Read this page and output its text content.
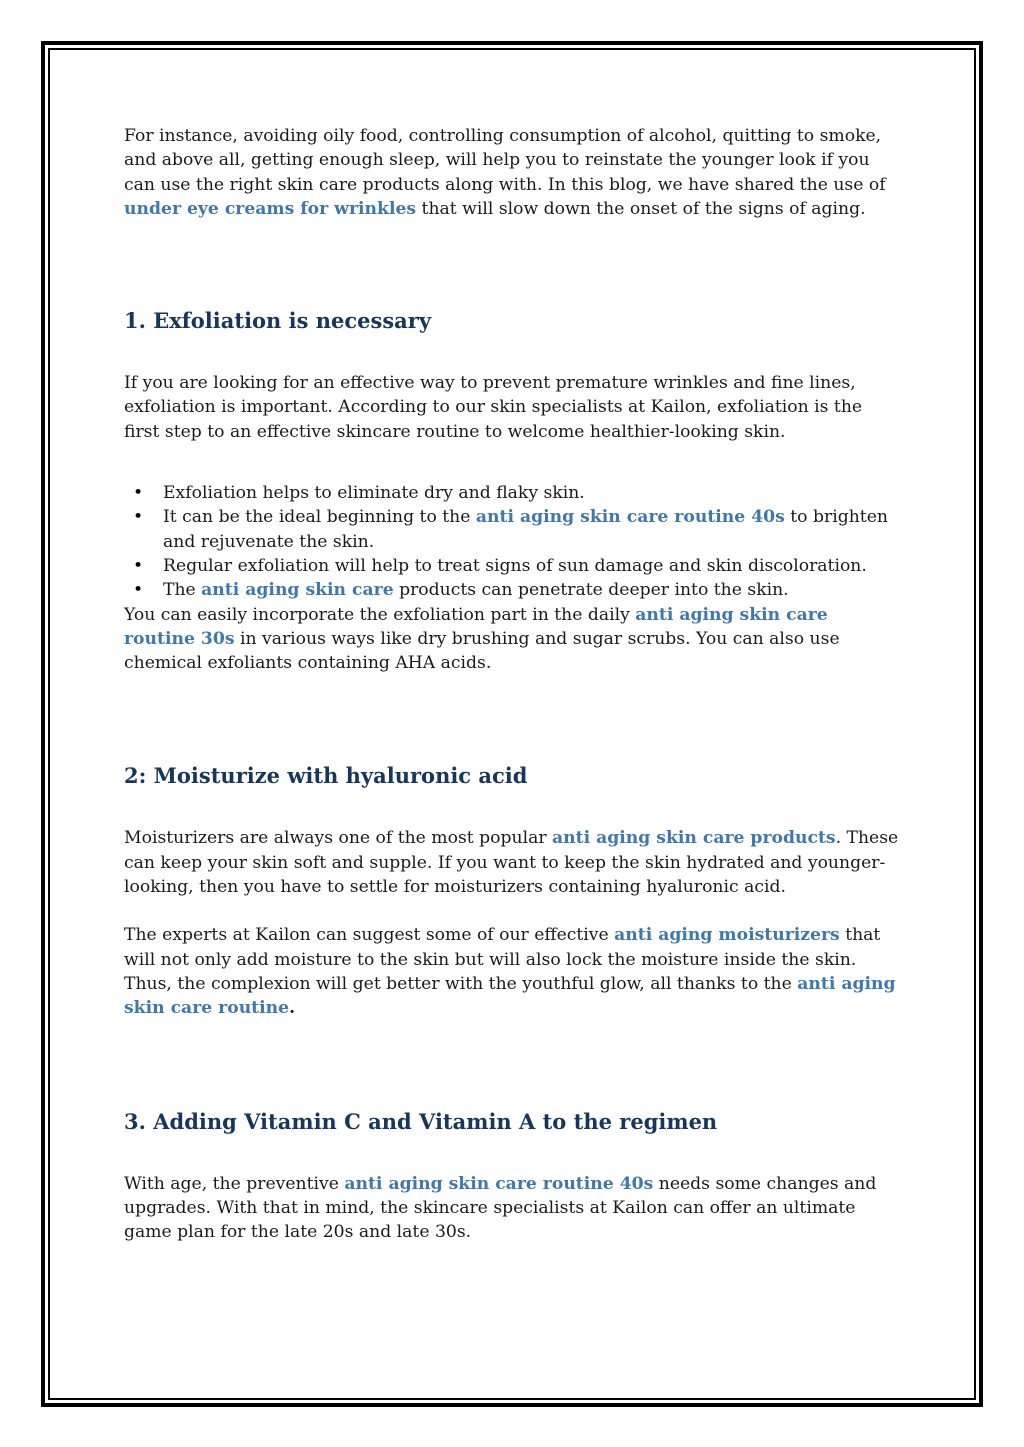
For instance, avoiding oily food, controlling consumption of alcohol, quitting to smoke, and above all, getting enough sleep, will help you to reinstate the younger look if you can use the right skin care products along with. In this blog, we have shared the use of under eye creams for wrinkles that will slow down the onset of the signs of aging.

1. Exfoliation is necessary

If you are looking for an effective way to prevent premature wrinkles and fine lines, exfoliation is important. According to our skin specialists at Kailon, exfoliation is the first step to an effective skincare routine to welcome healthier-looking skin.

• Exfoliation helps to eliminate dry and flaky skin.
• It can be the ideal beginning to the anti aging skin care routine 40s to brighten and rejuvenate the skin.
• Regular exfoliation will help to treat signs of sun damage and skin discoloration.
• The anti aging skin care products can penetrate deeper into the skin.

You can easily incorporate the exfoliation part in the daily anti aging skin care routine 30s in various ways like dry brushing and sugar scrubs. You can also use chemical exfoliants containing AHA acids.

2: Moisturize with hyaluronic acid

Moisturizers are always one of the most popular anti aging skin care products. These can keep your skin soft and supple. If you want to keep the skin hydrated and younger-looking, then you have to settle for moisturizers containing hyaluronic acid.

The experts at Kailon can suggest some of our effective anti aging moisturizers that will not only add moisture to the skin but will also lock the moisture inside the skin. Thus, the complexion will get better with the youthful glow, all thanks to the anti aging skin care routine.

3. Adding Vitamin C and Vitamin A to the regimen

With age, the preventive anti aging skin care routine 40s needs some changes and upgrades. With that in mind, the skincare specialists at Kailon can offer an ultimate game plan for the late 20s and late 30s.
